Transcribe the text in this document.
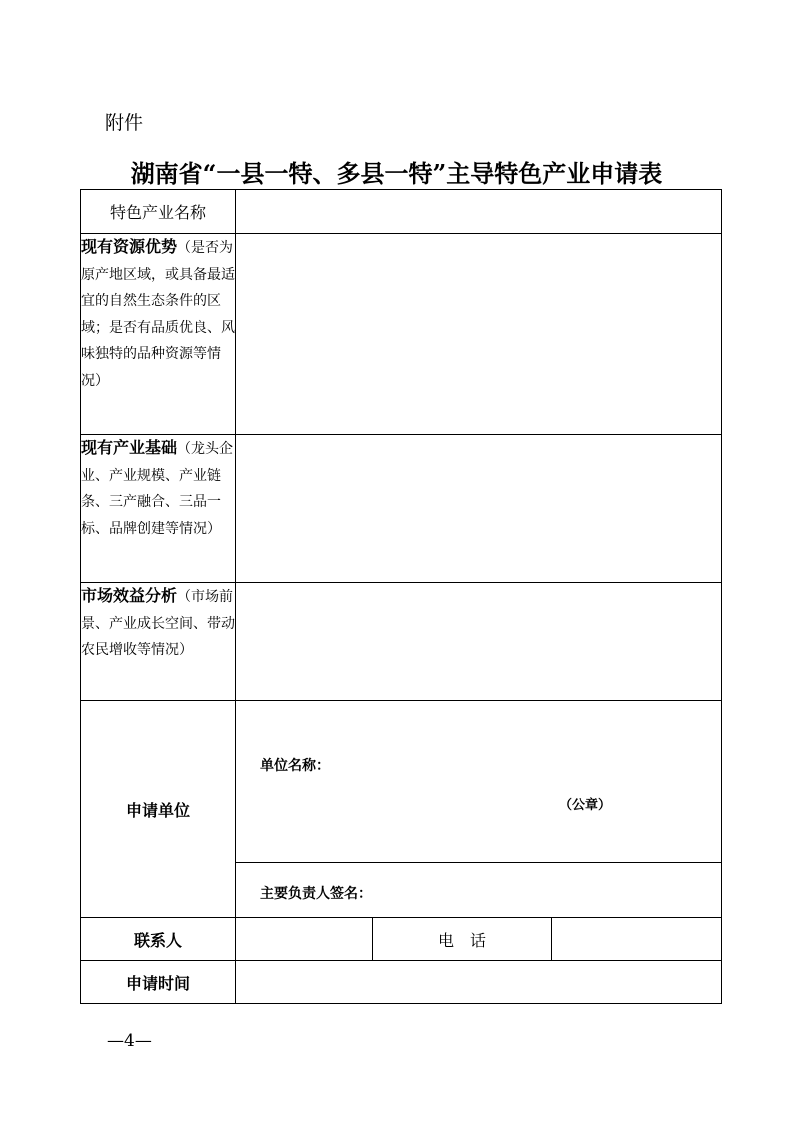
附件
湖南省“一县一特、多县一特”主导特色产业申请表
特色产业名称			
现有资源优势（是否为原产地区域，或具备最适宜的自然生态条件的区域；是否有品质优良、风味独特的品种资源等情况）			
现有产业基础（龙头企业、产业规模、产业链条、三产融合、三品一标、品牌创建等情况）			
市场效益分析（市场前景、产业成长空间、带动农民增收等情况）			
申请单位	单位名称：
（公章）
主要负责人签名：		

联系人		电　话	
申请时间			
—4—
